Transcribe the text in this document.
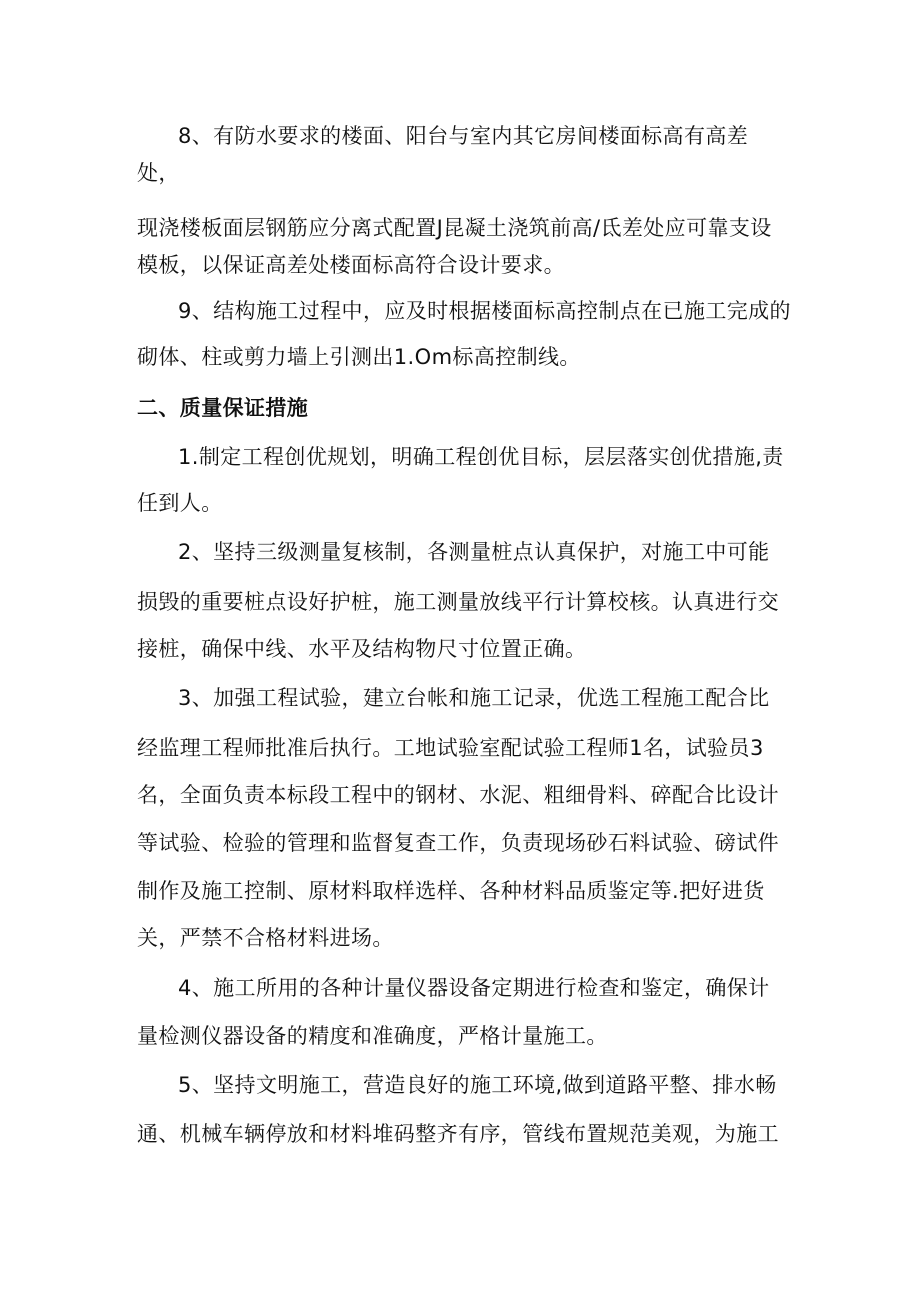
8、有防水要求的楼面、阳台与室内其它房间楼面标高有高差
处，
现浇楼板面层钢筋应分离式配置J昆凝土浇筑前高/氐差处应可靠支设
模板，以保证高差处楼面标高符合设计要求。
9、结构施工过程中，应及时根据楼面标高控制点在已施工完成的
砌体、柱或剪力墙上引测出1.Om标高控制线。
二、质量保证措施
1.制定工程创优规划，明确工程创优目标，层层落实创优措施,责
任到人。
2、坚持三级测量复核制，各测量桩点认真保护，对施工中可能
损毁的重要桩点设好护桩，施工测量放线平行计算校核。认真进行交
接桩，确保中线、水平及结构物尺寸位置正确。
3、加强工程试验，建立台帐和施工记录，优选工程施工配合比
经监理工程师批准后执行。工地试验室配试验工程师1名，试验员3
名，全面负责本标段工程中的钢材、水泥、粗细骨料、碎配合比设计
等试验、检验的管理和监督复查工作，负责现场砂石料试验、磅试件
制作及施工控制、原材料取样选样、各种材料品质鉴定等.把好进货
关，严禁不合格材料进场。
4、施工所用的各种计量仪器设备定期进行检查和鉴定，确保计
量检测仪器设备的精度和准确度，严格计量施工。
5、坚持文明施工，营造良好的施工环境,做到道路平整、排水畅
通、机械车辆停放和材料堆码整齐有序，管线布置规范美观，为施工
